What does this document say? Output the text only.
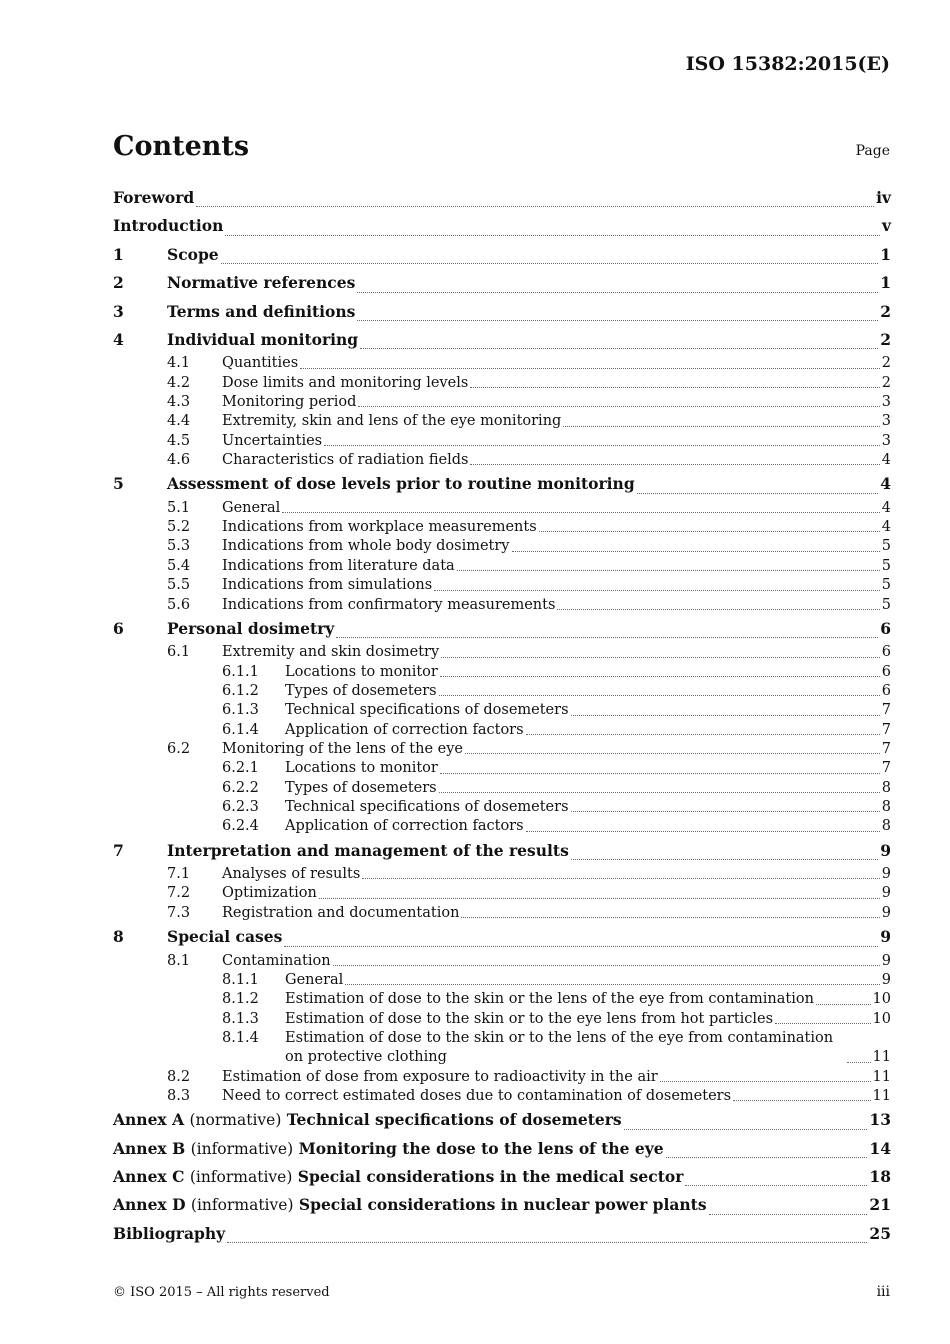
ISO 15382:2015(E)
Contents	Page
Foreword	iv
Introduction	v
1	Scope	1
2	Normative references	1
3	Terms and definitions	2
4	Individual monitoring	2
4.1 Quantities	2
4.2 Dose limits and monitoring levels	2
4.3 Monitoring period	3
4.4 Extremity, skin and lens of the eye monitoring	3
4.5 Uncertainties	3
4.6 Characteristics of radiation fields	4
5	Assessment of dose levels prior to routine monitoring	4
5.1 General	4
5.2 Indications from workplace measurements	4
5.3 Indications from whole body dosimetry	5
5.4 Indications from literature data	5
5.5 Indications from simulations	5
5.6 Indications from confirmatory measurements	5
6	Personal dosimetry	6
6.1 Extremity and skin dosimetry	6
6.1.1 Locations to monitor	6
6.1.2 Types of dosemeters	6
6.1.3 Technical specifications of dosemeters	7
6.1.4 Application of correction factors	7
6.2 Monitoring of the lens of the eye	7
6.2.1 Locations to monitor	7
6.2.2 Types of dosemeters	8
6.2.3 Technical specifications of dosemeters	8
6.2.4 Application of correction factors	8
7	Interpretation and management of the results	9
7.1 Analyses of results	9
7.2 Optimization	9
7.3 Registration and documentation	9
8	Special cases	9
8.1 Contamination	9
8.1.1 General	9
8.1.2 Estimation of dose to the skin or the lens of the eye from contamination	10
8.1.3 Estimation of dose to the skin or to the eye lens from hot particles	10
8.1.4 Estimation of dose to the skin or to the lens of the eye from contamination on protective clothing	11
8.2 Estimation of dose from exposure to radioactivity in the air	11
8.3 Need to correct estimated doses due to contamination of dosemeters	11
Annex A (normative) Technical specifications of dosemeters	13
Annex B (informative) Monitoring the dose to the lens of the eye	14
Annex C (informative) Special considerations in the medical sector	18
Annex D (informative) Special considerations in nuclear power plants	21
Bibliography	25
© ISO 2015 – All rights reserved	iii
